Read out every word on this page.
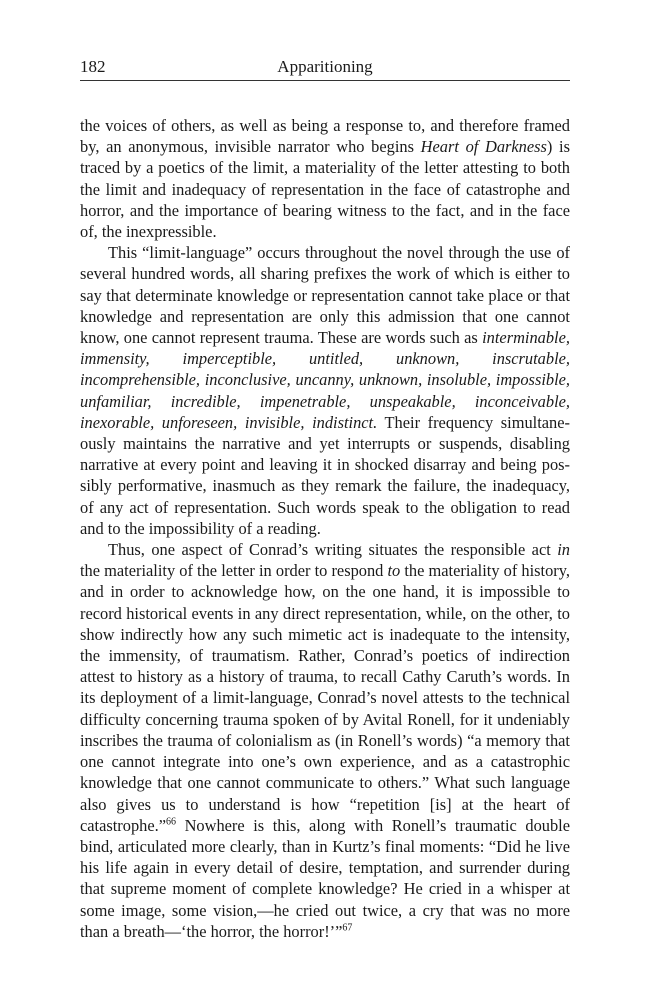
182	Apparitioning

the voices of others, as well as being a response to, and therefore framed by, an anonymous, invisible narrator who begins Heart of Darkness) is traced by a poetics of the limit, a materiality of the letter attesting to both the limit and inadequacy of representation in the face of catastrophe and horror, and the importance of bearing witness to the fact, and in the face of, the inexpressible.

This “limit-language” occurs throughout the novel through the use of several hundred words, all sharing prefixes the work of which is either to say that determinate knowledge or representation cannot take place or that knowledge and representation are only this admission that one cannot know, one cannot represent trauma. These are words such as interminable, immensity, imperceptible, untitled, unknown, inscrutable, incomprehensible, inconclusive, uncanny, unknown, insoluble, impossible, unfamiliar, incredible, impenetrable, unspeakable, inconceivable, inexorable, unforeseen, invisible, indistinct. Their frequency simultaneously maintains the narrative and yet interrupts or suspends, disabling narrative at every point and leaving it in shocked disarray and being possibly performative, inasmuch as they remark the failure, the inadequacy, of any act of representation. Such words speak to the obligation to read and to the impossibility of a reading.

Thus, one aspect of Conrad’s writing situates the responsible act in the materiality of the letter in order to respond to the materiality of history, and in order to acknowledge how, on the one hand, it is impossible to record historical events in any direct representation, while, on the other, to show indirectly how any such mimetic act is inadequate to the intensity, the immensity, of traumatism. Rather, Conrad’s poetics of indirection attest to history as a history of trauma, to recall Cathy Caruth’s words. In its deployment of a limit-language, Conrad’s novel attests to the technical difficulty concerning trauma spoken of by Avital Ronell, for it undeniably inscribes the trauma of colonialism as (in Ronell’s words) “a memory that one cannot integrate into one’s own experience, and as a catastrophic knowledge that one cannot communicate to others.” What such language also gives us to understand is how “repetition [is] at the heart of catastrophe.”$^{66}$ Nowhere is this, along with Ronell’s traumatic double bind, articulated more clearly, than in Kurtz’s final moments: “Did he live his life again in every detail of desire, temptation, and surrender during that supreme moment of complete knowledge? He cried in a whisper at some image, some vision,—he cried out twice, a cry that was no more than a breath—‘the horror, the horror!’”$^{67}$
